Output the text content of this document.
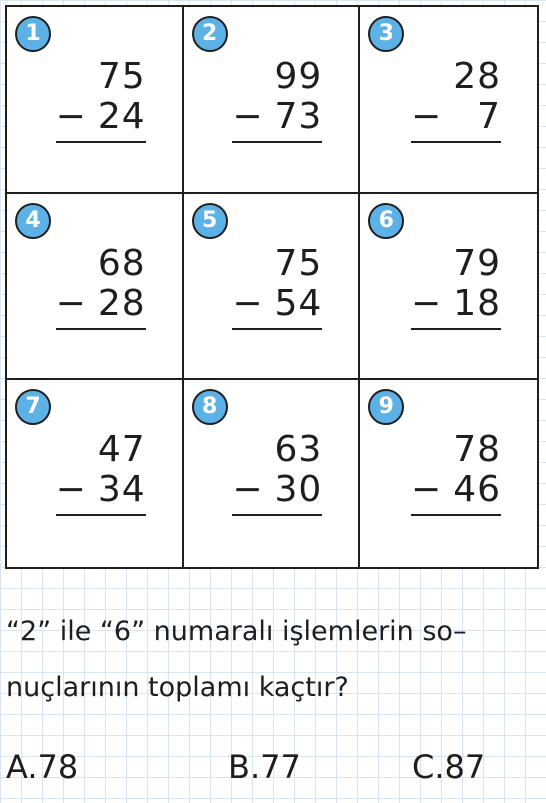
1
75
− 24
2
99
− 73
3
28
− 7
4
68
− 28
5
75
− 54
6
79
− 18
7
47
− 34
8
63
− 30
9
78
− 46
“2” ile “6” numaralı işlemlerin so–
nuçlarının toplamı kaçtır?
A.78	B.77	C.87
